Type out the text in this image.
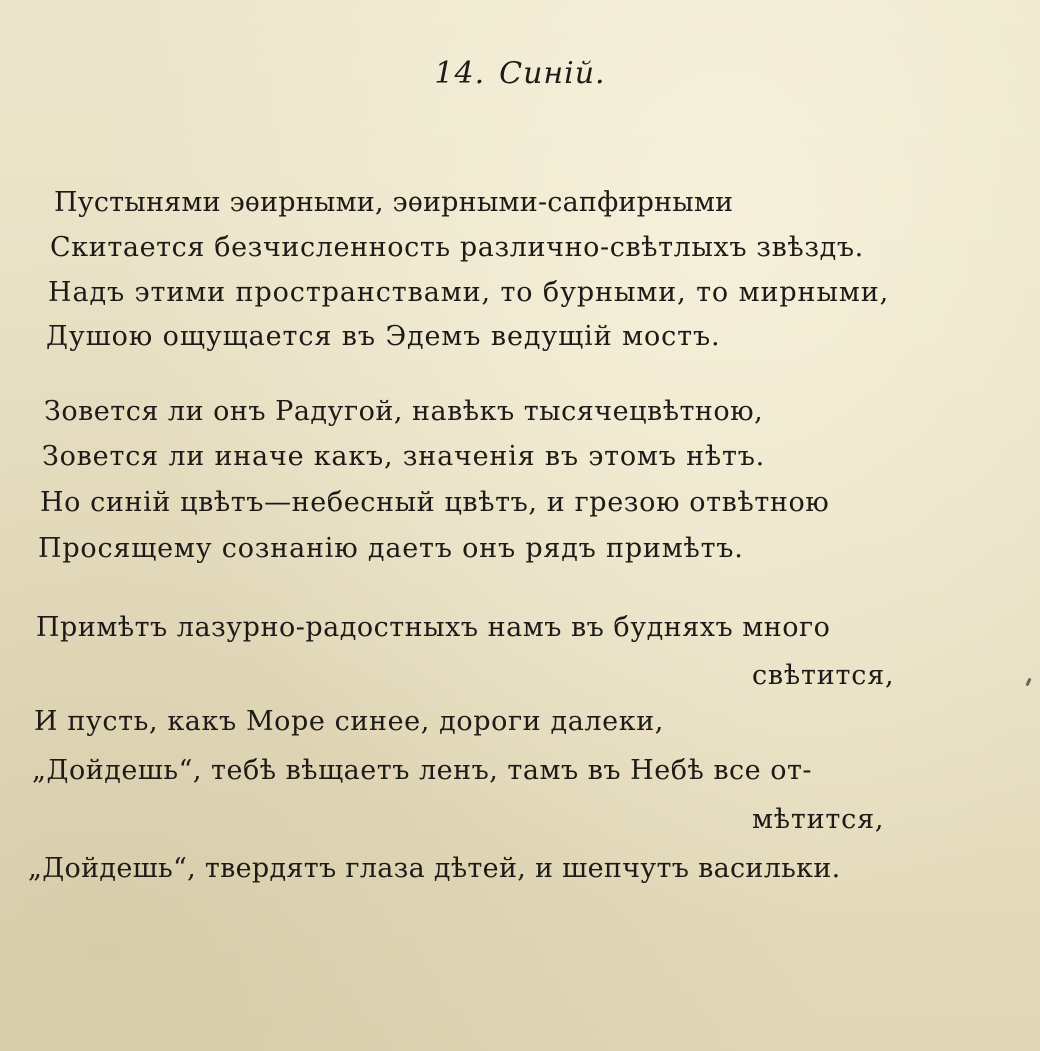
14. Синій.

Пустынями эѳирными, эѳирными-сапфирными

Скитается безчисленность различно-свѣтлыхъ звѣздъ.

Надъ этими пространствами, то бурными, то мирными,

Душою ощущается въ Эдемъ ведущій мостъ.

Зовется ли онъ Радугой, навѣкъ тысячецвѣтною,

Зовется ли иначе какъ, значенія въ этомъ нѣтъ.

Но синій цвѣтъ—небесный цвѣтъ, и грезою отвѣтною

Просящему сознанію даетъ онъ рядъ примѣтъ.

Примѣтъ лазурно-радостныхъ намъ въ будняхъ много

свѣтится,

И пусть, какъ Море синее, дороги далеки,

„Дойдешь“, тебѣ вѣщаетъ ленъ, тамъ въ Небѣ все от-

мѣтится,

„Дойдешь“, твердятъ глаза дѣтей, и шепчутъ васильки.
